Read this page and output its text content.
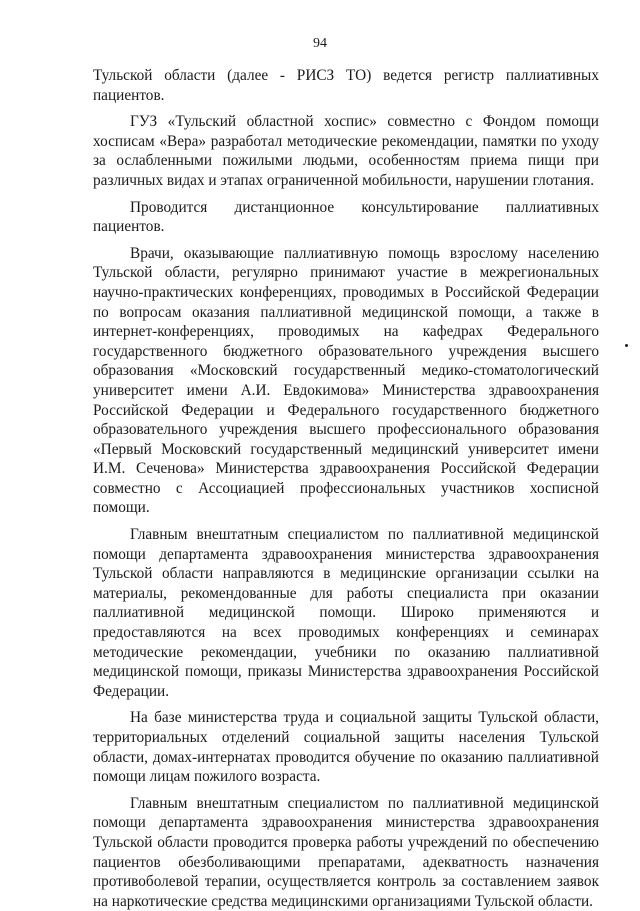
94

Тульской области (далее - РИСЗ ТО) ведется регистр паллиативных пациентов.

ГУЗ «Тульский областной хоспис» совместно с Фондом помощи хосписам «Вера» разработал методические рекомендации, памятки по уходу за ослабленными пожилыми людьми, особенностям приема пищи при различных видах и этапах ограниченной мобильности, нарушении глотания.

Проводится дистанционное консультирование паллиативных пациентов.

Врачи, оказывающие паллиативную помощь взрослому населению Тульской области, регулярно принимают участие в межрегиональных научно-практических конференциях, проводимых в Российской Федерации по вопросам оказания паллиативной медицинской помощи, а также в интернет-конференциях, проводимых на кафедрах Федерального государственного бюджетного образовательного учреждения высшего образования «Московский государственный медико-стоматологический университет имени А.И. Евдокимова» Министерства здравоохранения Российской Федерации и Федерального государственного бюджетного образовательного учреждения высшего профессионального образования «Первый Московский государственный медицинский университет имени И.М. Сеченова» Министерства здравоохранения Российской Федерации совместно с Ассоциацией профессиональных участников хосписной помощи.

Главным внештатным специалистом по паллиативной медицинской помощи департамента здравоохранения министерства здравоохранения Тульской области направляются в медицинские организации ссылки на материалы, рекомендованные для работы специалиста при оказании паллиативной медицинской помощи. Широко применяются и предоставляются на всех проводимых конференциях и семинарах методические рекомендации, учебники по оказанию паллиативной медицинской помощи, приказы Министерства здравоохранения Российской Федерации.

На базе министерства труда и социальной защиты Тульской области, территориальных отделений социальной защиты населения Тульской области, домах-интернатах проводится обучение по оказанию паллиативной помощи лицам пожилого возраста.

Главным внештатным специалистом по паллиативной медицинской помощи департамента здравоохранения министерства здравоохранения Тульской области проводится проверка работы учреждений по обеспечению пациентов обезболивающими препаратами, адекватность назначения противоболевой терапии, осуществляется контроль за составлением заявок на наркотические средства медицинскими организациями Тульской области.
